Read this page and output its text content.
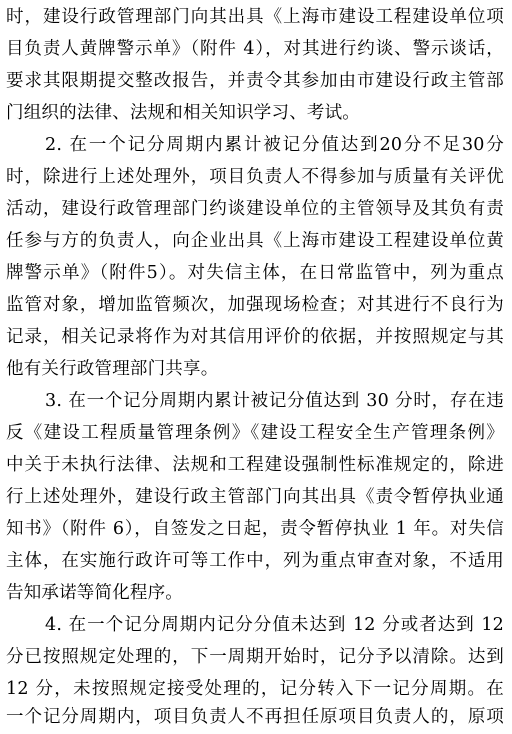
时，建设行政管理部门向其出具《上海市建设工程建设单位项
目负责人黄牌警示单》（附件 4），对其进行约谈、警示谈话，
要求其限期提交整改报告，并责令其参加由市建设行政主管部
门组织的法律、法规和相关知识学习、考试。
2. 在一个记分周期内累计被记分值达到20分不足30分
时，除进行上述处理外，项目负责人不得参加与质量有关评优
活动，建设行政管理部门约谈建设单位的主管领导及其负有责
任参与方的负责人，向企业出具《上海市建设工程建设单位黄
牌警示单》（附件5）。对失信主体，在日常监管中，列为重点
监管对象，增加监管频次，加强现场检查；对其进行不良行为
记录，相关记录将作为对其信用评价的依据，并按照规定与其
他有关行政管理部门共享。
3. 在一个记分周期内累计被记分值达到 30 分时，存在违
反《建设工程质量管理条例》《建设工程安全生产管理条例》
中关于未执行法律、法规和工程建设强制性标准规定的，除进
行上述处理外，建设行政主管部门向其出具《责令暂停执业通
知书》（附件 6），自签发之日起，责令暂停执业 1 年。对失信
主体，在实施行政许可等工作中，列为重点审查对象，不适用
告知承诺等简化程序。
4. 在一个记分周期内记分分值未达到 12 分或者达到 12
分已按照规定处理的，下一周期开始时，记分予以清除。达到
12 分，未按照规定接受处理的，记分转入下一记分周期。在
一个记分周期内，项目负责人不再担任原项目负责人的，原项
